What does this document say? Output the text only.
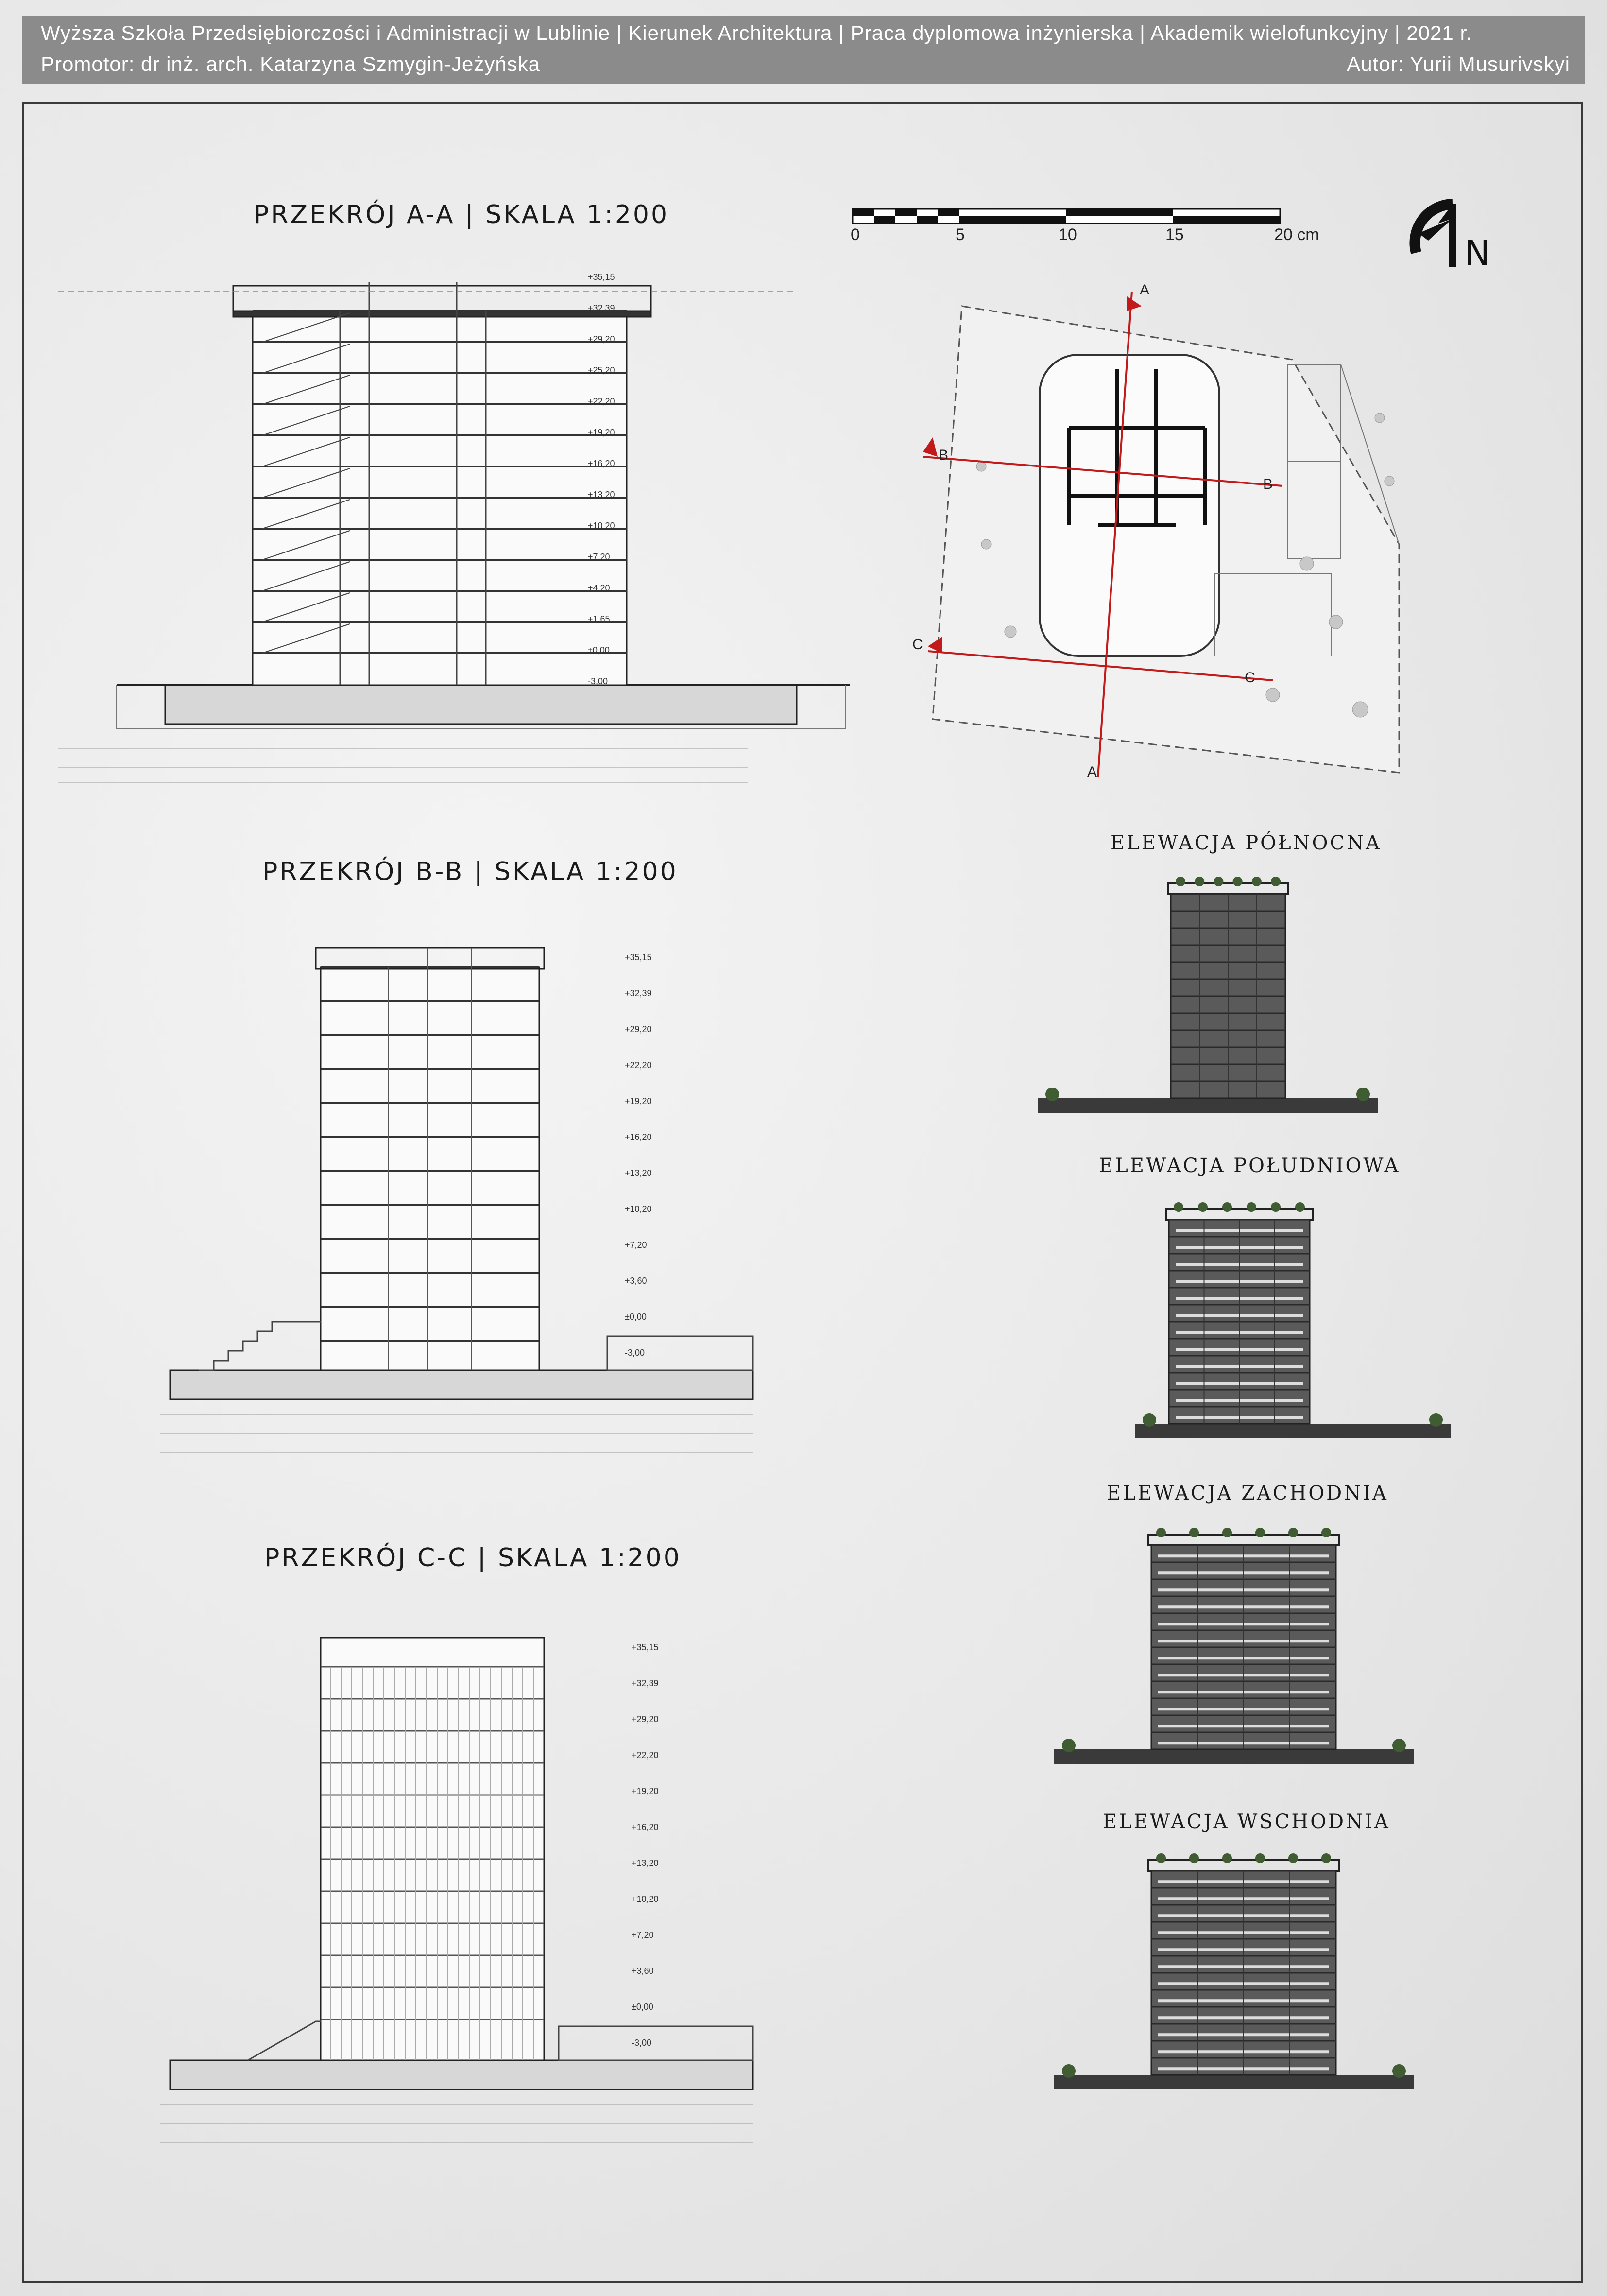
Wyższa Szkoła Przedsiębiorczości i Administracji w Lublinie | Kierunek Architektura | Praca dyplomowa inżynierska | Akademik wielofunkcyjny | 2021 r.
Promotor: dr inż. arch. Katarzyna Szmygin-Jeżyńska	Autor: Yurii Musurivskyi
PRZEKRÓJ A-A | SKALA 1:200
PRZEKRÓJ B-B | SKALA 1:200
PRZEKRÓJ C-C | SKALA 1:200
0	5	10	15	20 cm	N
+35,15
+32,39
+29,20
+25,20
+22,20
+19,20
+16,20
+13,20
+10,20
+7,20
+4,20
+1,65
±0,00
-3,00
A
A
B
B
C
C
+35,15
+32,39
+29,20
+22,20
+19,20
+16,20
+13,20
+10,20
+7,20
+3,60
±0,00
-3,00
+35,15
+32,39
+29,20
+22,20
+19,20
+16,20
+13,20
+10,20
+7,20
+3,60
±0,00
-3,00
ELEWACJA PÓŁNOCNA
ELEWACJA POŁUDNIOWA
ELEWACJA ZACHODNIA
ELEWACJA WSCHODNIA
